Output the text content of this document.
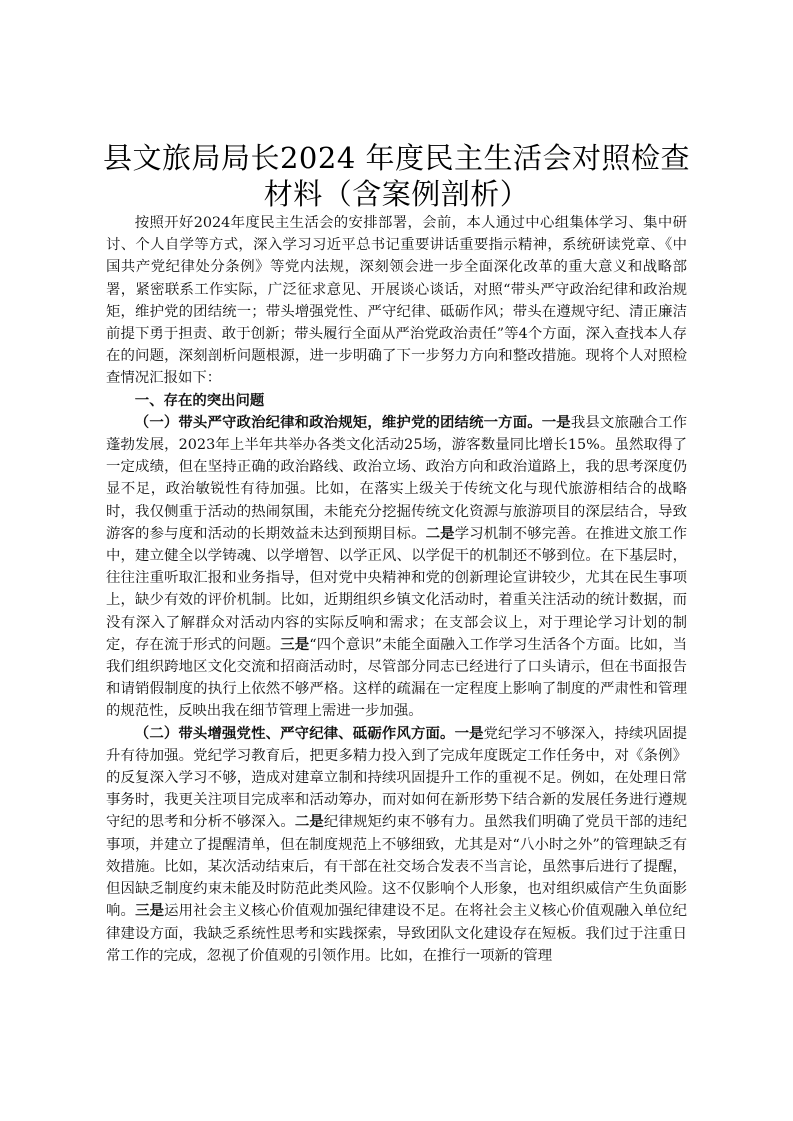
县文旅局局长2024 年度民主生活会对照检查
材料（含案例剖析）

按照开好2024年度民主生活会的安排部署，会前，本人通过中心组集体学习、集中研讨、个人自学等方式，深入学习习近平总书记重要讲话重要指示精神，系统研读党章、《中国共产党纪律处分条例》等党内法规，深刻领会进一步全面深化改革的重大意义和战略部署，紧密联系工作实际，广泛征求意见、开展谈心谈话，对照“带头严守政治纪律和政治规矩，维护党的团结统一；带头增强党性、严守纪律、砥砺作风；带头在遵规守纪、清正廉洁前提下勇于担责、敢于创新；带头履行全面从严治党政治责任”等4个方面，深入查找本人存在的问题，深刻剖析问题根源，进一步明确了下一步努力方向和整改措施。现将个人对照检查情况汇报如下：

一、存在的突出问题

（一）带头严守政治纪律和政治规矩，维护党的团结统一方面。一是我县文旅融合工作蓬勃发展，2023年上半年共举办各类文化活动25场，游客数量同比增长15%。虽然取得了一定成绩，但在坚持正确的政治路线、政治立场、政治方向和政治道路上，我的思考深度仍显不足，政治敏锐性有待加强。比如，在落实上级关于传统文化与现代旅游相结合的战略时，我仅侧重于活动的热闹氛围，未能充分挖掘传统文化资源与旅游项目的深层结合，导致游客的参与度和活动的长期效益未达到预期目标。二是学习机制不够完善。在推进文旅工作中，建立健全以学铸魂、以学增智、以学正风、以学促干的机制还不够到位。在下基层时，往往注重听取汇报和业务指导，但对党中央精神和党的创新理论宣讲较少，尤其在民生事项上，缺少有效的评价机制。比如，近期组织乡镇文化活动时，着重关注活动的统计数据，而没有深入了解群众对活动内容的实际反响和需求；在支部会议上，对于理论学习计划的制定，存在流于形式的问题。三是“四个意识”未能全面融入工作学习生活各个方面。比如，当我们组织跨地区文化交流和招商活动时，尽管部分同志已经进行了口头请示，但在书面报告和请销假制度的执行上依然不够严格。这样的疏漏在一定程度上影响了制度的严肃性和管理的规范性，反映出我在细节管理上需进一步加强。

（二）带头增强党性、严守纪律、砥砺作风方面。一是党纪学习不够深入，持续巩固提升有待加强。党纪学习教育后，把更多精力投入到了完成年度既定工作任务中，对《条例》的反复深入学习不够，造成对建章立制和持续巩固提升工作的重视不足。例如，在处理日常事务时，我更关注项目完成率和活动筹办，而对如何在新形势下结合新的发展任务进行遵规守纪的思考和分析不够深入。二是纪律规矩约束不够有力。虽然我们明确了党员干部的违纪事项，并建立了提醒清单，但在制度规范上不够细致，尤其是对“八小时之外”的管理缺乏有效措施。比如，某次活动结束后，有干部在社交场合发表不当言论，虽然事后进行了提醒，但因缺乏制度约束未能及时防范此类风险。这不仅影响个人形象，也对组织威信产生负面影响。三是运用社会主义核心价值观加强纪律建设不足。在将社会主义核心价值观融入单位纪律建设方面，我缺乏系统性思考和实践探索，导致团队文化建设存在短板。我们过于注重日常工作的完成，忽视了价值观的引领作用。比如，在推行一项新的管理
